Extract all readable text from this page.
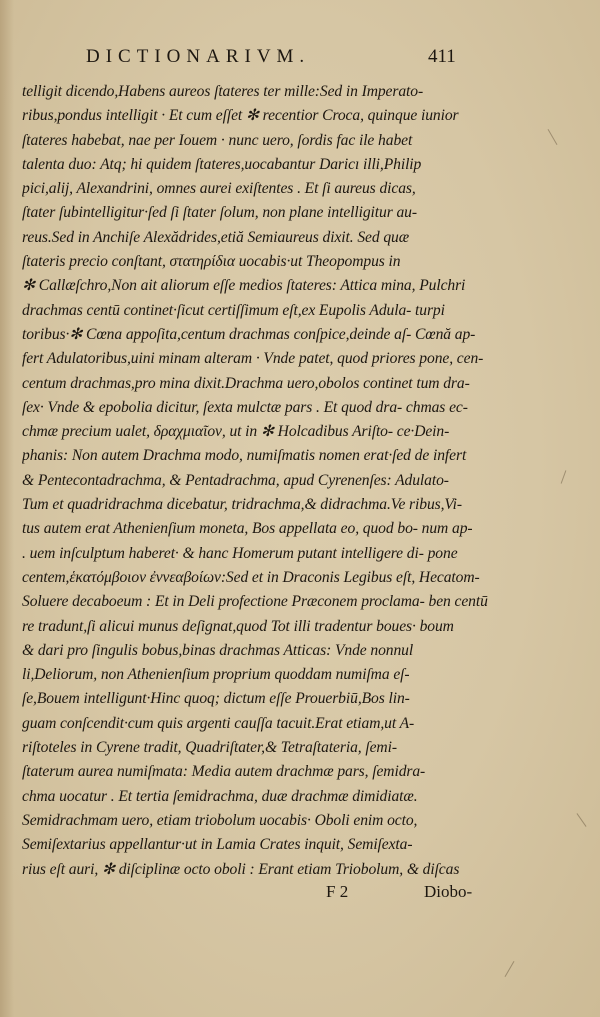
DICTIONARIVM.	411
telligit dicendo,Habens aureos ſtateres ter mille:Sed in Imperato-
ribus,pondus intelligit · Et cum eſſet ✻ recentior Croca, quinque iunior
ſtateres habebat, nae per Iouem · nunc uero, ſordis fac ile habet
talenta duo: Atq; hi quidem ſtateres,uocabantur Daricı illi,Philip
pici,alij, Alexandrini, omnes aurei exiſtentes . Et ſi aureus dicas,
ſtater ſubintelligitur·ſed ſi ſtater ſolum, non plane intelligitur au-
reus.Sed in Anchiſe Alexădrides,etiă Semiaureus dixit. Sed quæ
ſtateris precio conſtant, στατηρίδια uocabis·ut Theopompus in
✻ Callæſchro,Non ait aliorum eſſe medios ſtateres: Attica mina, Pulchri
drachmas centū continet·ſicut certiſſimum eſt,ex Eupolis Adula- turpi
toribus·✻ Cœna appoſita,centum drachmas conſpice,deinde aſ- Cœnă ap-
fert Adulatoribus,uini minam alteram · Vnde patet, quod priores pone, cen-
centum drachmas,pro mina dixit.Drachma uero,obolos continet tum dra-
ſex· Vnde & epobolia dicitur, ſexta mulctæ pars . Et quod dra- chmas ec-
chmæ precium ualet, δραχμιαῖον, ut in ✻ Holcadibus Ariſto- ce·Dein-
phanis: Non autem Drachma modo, numiſmatis nomen erat·ſed de infert
& Pentecontadrachma, & Pentadrachma, apud Cyrenenſes: Adulato-
Tum et quadridrachma dicebatur, tridrachma,& didrachma.Ve ribus,Vi-
tus autem erat Athenienſium moneta, Bos appellata eo, quod bo- num ap-
. uem inſculptum haberet· & hanc Homerum putant intelligere di- pone
centem,ἑκατόμβοιον ἐννεαβοίων:Sed et in Draconis Legibus eſt, Hecatom-
Soluere decaboeum : Et in Deli profectione Præconem proclama- ben centū
re tradunt,ſi alicui munus deſignat,quod Tot illi tradentur boues· boum
& dari pro ſingulis bobus,binas drachmas Atticas: Vnde nonnul
li,Deliorum, non Athenienſium proprium quoddam numiſma eſ-
ſe,Bouem intelligunt·Hinc quoq; dictum eſſe Prouerbiū,Bos lin-
guam conſcendit·cum quis argenti cauſſa tacuit.Erat etiam,ut A-
riſtoteles in Cyrene tradit, Quadriſtater,& Tetraſtateria, ſemi-
ſtaterum aurea numiſmata: Media autem drachmæ pars, ſemidra-
chma uocatur . Et tertia ſemidrachma, duæ drachmæ dimidiatæ.
Semidrachmam uero, etiam triobolum uocabis· Oboli enim octo,
Semiſextarius appellantur·ut in Lamia Crates inquit, Semiſexta-
rius eſt auri, ✻ diſciplinæ octo oboli : Erant etiam Triobolum, & diſcas
F 2	Diobo-
